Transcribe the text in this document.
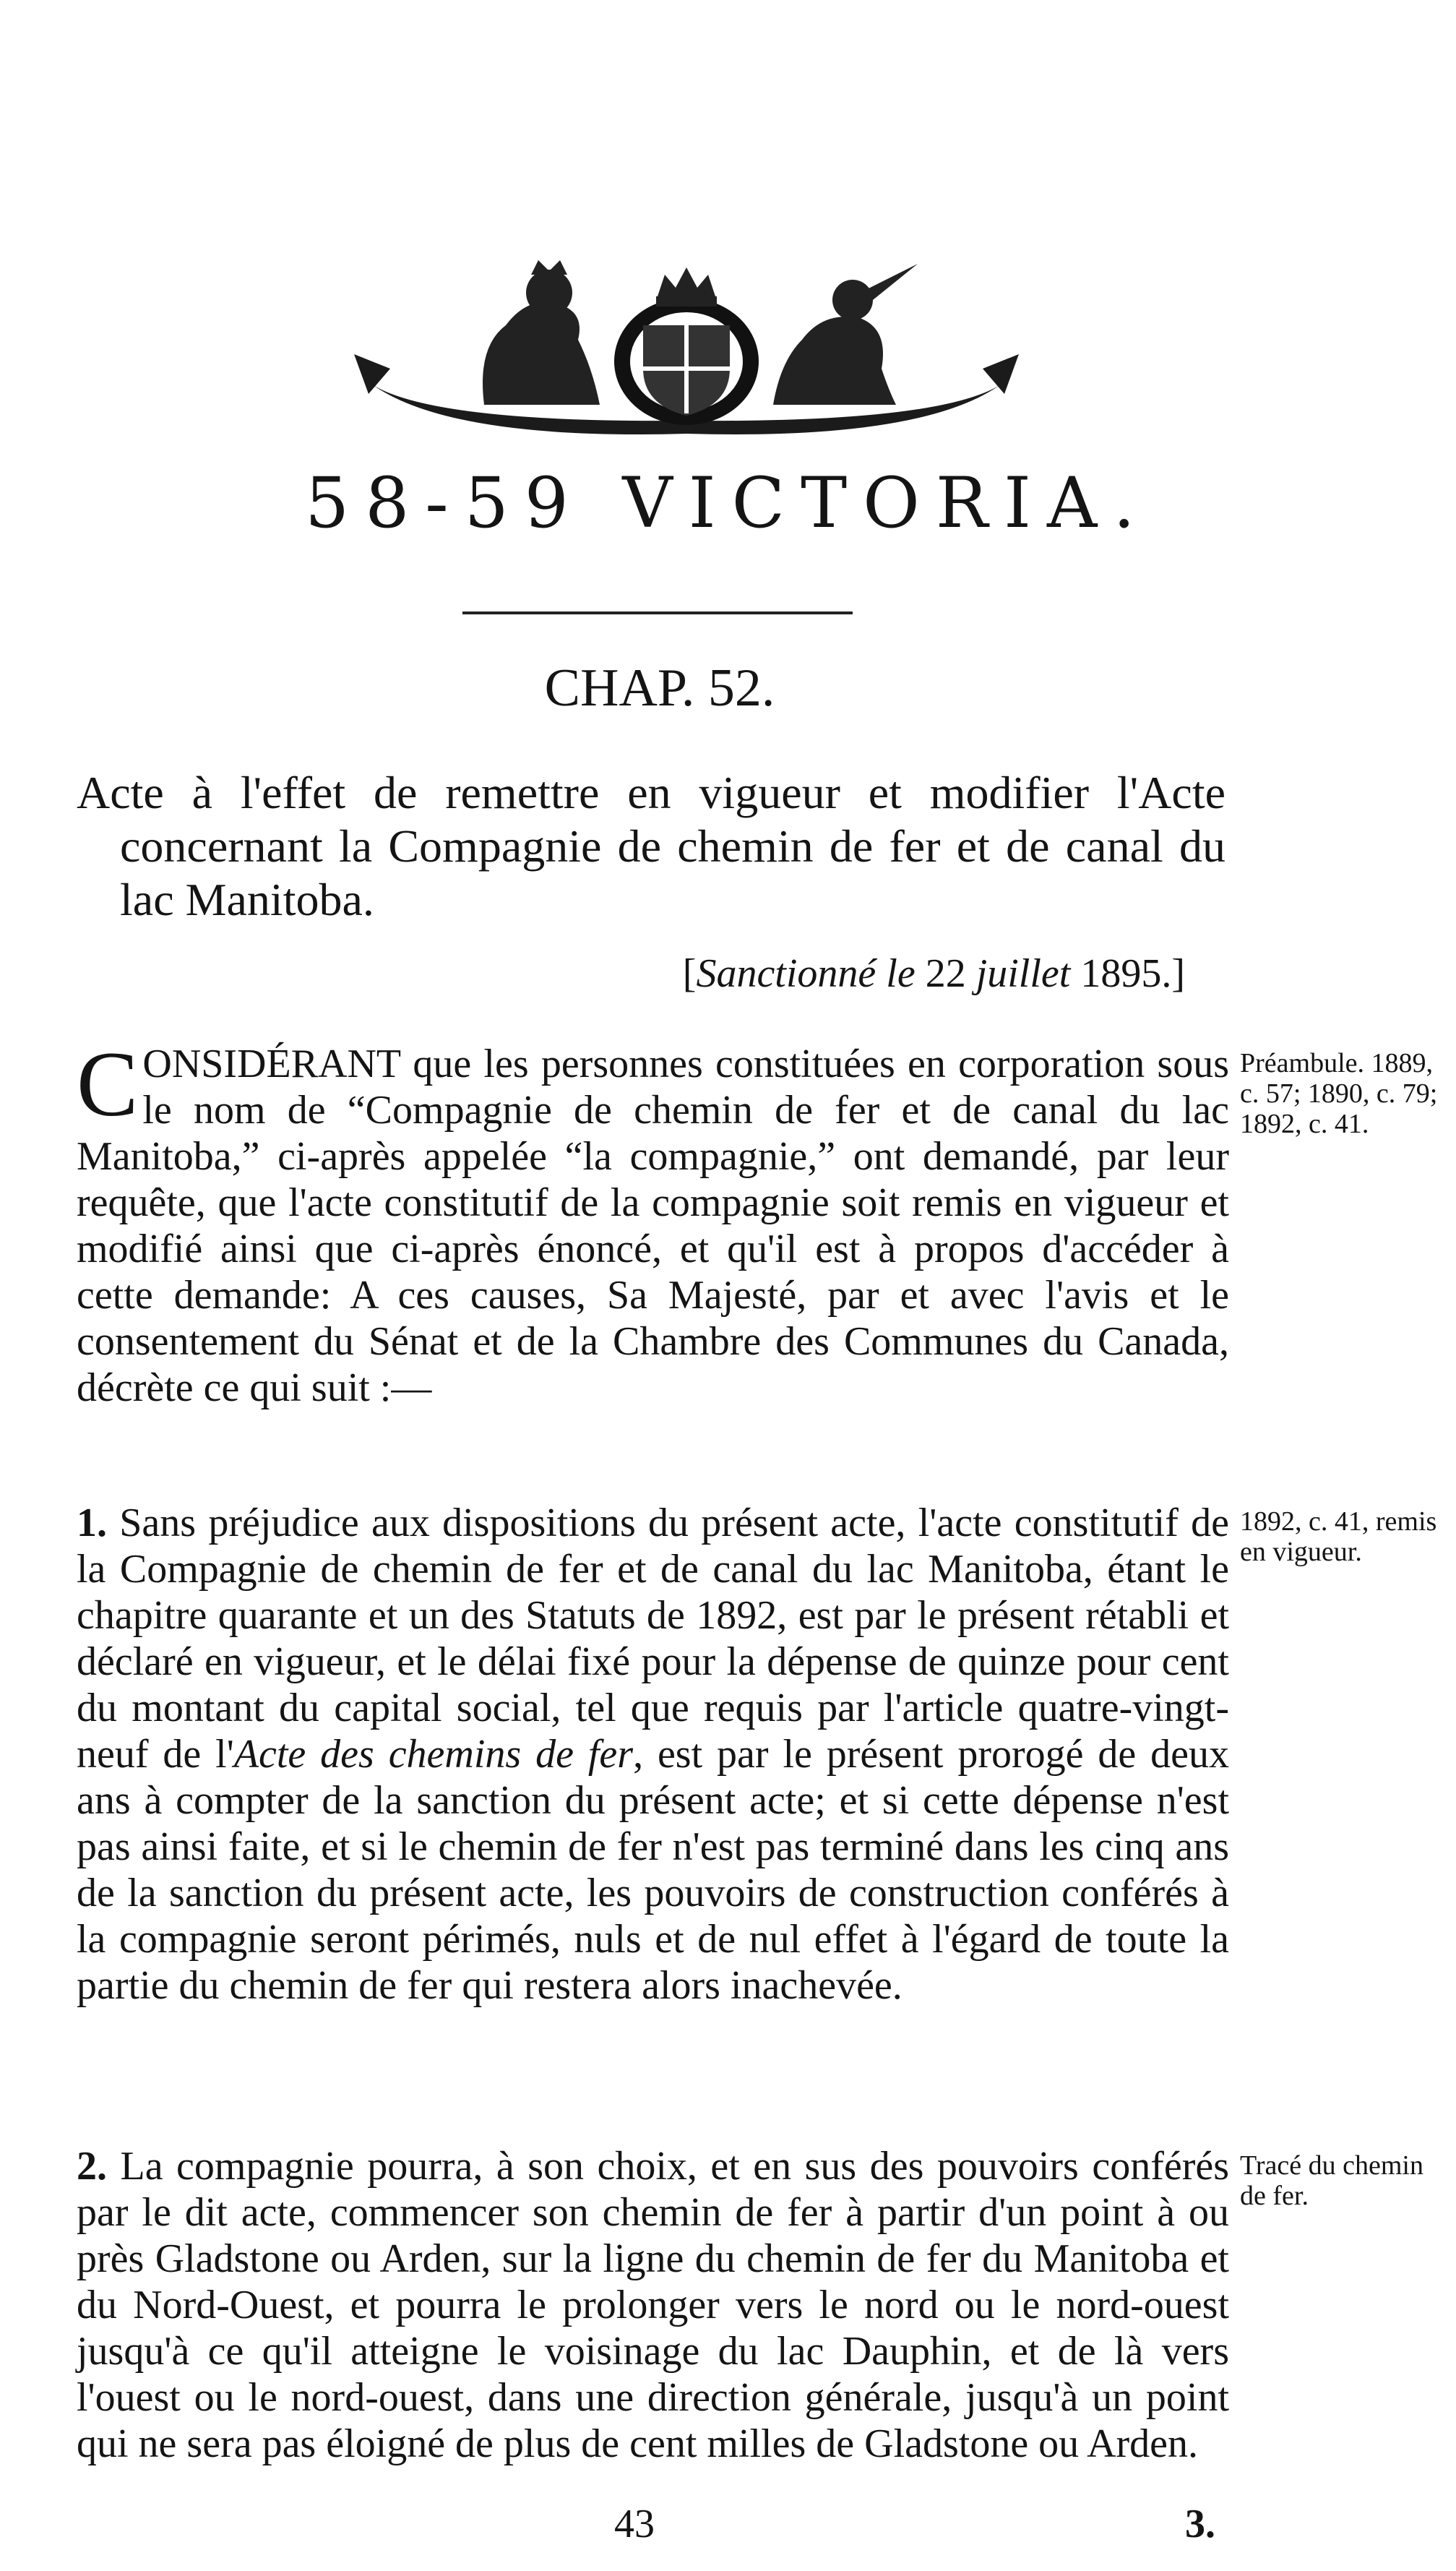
58-59 VICTORIA.
CHAP. 52.
Acte à l'effet de remettre en vigueur et modifier l'Acte concernant la Compagnie de chemin de fer et de canal du lac Manitoba.
[Sanctionné le 22 juillet 1895.]
CONSIDÉRANT que les personnes constituées en corporation sous le nom de “Compagnie de chemin de fer et de canal du lac Manitoba,” ci-après appelée “la compagnie,” ont demandé, par leur requête, que l'acte constitutif de la compagnie soit remis en vigueur et modifié ainsi que ci-après énoncé, et qu'il est à propos d'accéder à cette demande: A ces causes, Sa Majesté, par et avec l'avis et le consentement du Sénat et de la Chambre des Communes du Canada, décrète ce qui suit :—
Préambule. 1889, c. 57; 1890, c. 79; 1892, c. 41.
1. Sans préjudice aux dispositions du présent acte, l'acte constitutif de la Compagnie de chemin de fer et de canal du lac Manitoba, étant le chapitre quarante et un des Statuts de 1892, est par le présent rétabli et déclaré en vigueur, et le délai fixé pour la dépense de quinze pour cent du montant du capital social, tel que requis par l'article quatre-vingt-neuf de l'Acte des chemins de fer, est par le présent prorogé de deux ans à compter de la sanction du présent acte; et si cette dépense n'est pas ainsi faite, et si le chemin de fer n'est pas terminé dans les cinq ans de la sanction du présent acte, les pouvoirs de construction conférés à la compagnie seront périmés, nuls et de nul effet à l'égard de toute la partie du chemin de fer qui restera alors inachevée.
1892, c. 41, remis en vigueur.
2. La compagnie pourra, à son choix, et en sus des pouvoirs conférés par le dit acte, commencer son chemin de fer à partir d'un point à ou près Gladstone ou Arden, sur la ligne du chemin de fer du Manitoba et du Nord-Ouest, et pourra le prolonger vers le nord ou le nord-ouest jusqu'à ce qu'il atteigne le voisinage du lac Dauphin, et de là vers l'ouest ou le nord-ouest, dans une direction générale, jusqu'à un point qui ne sera pas éloigné de plus de cent milles de Gladstone ou Arden.
Tracé du chemin de fer.
43	3.
